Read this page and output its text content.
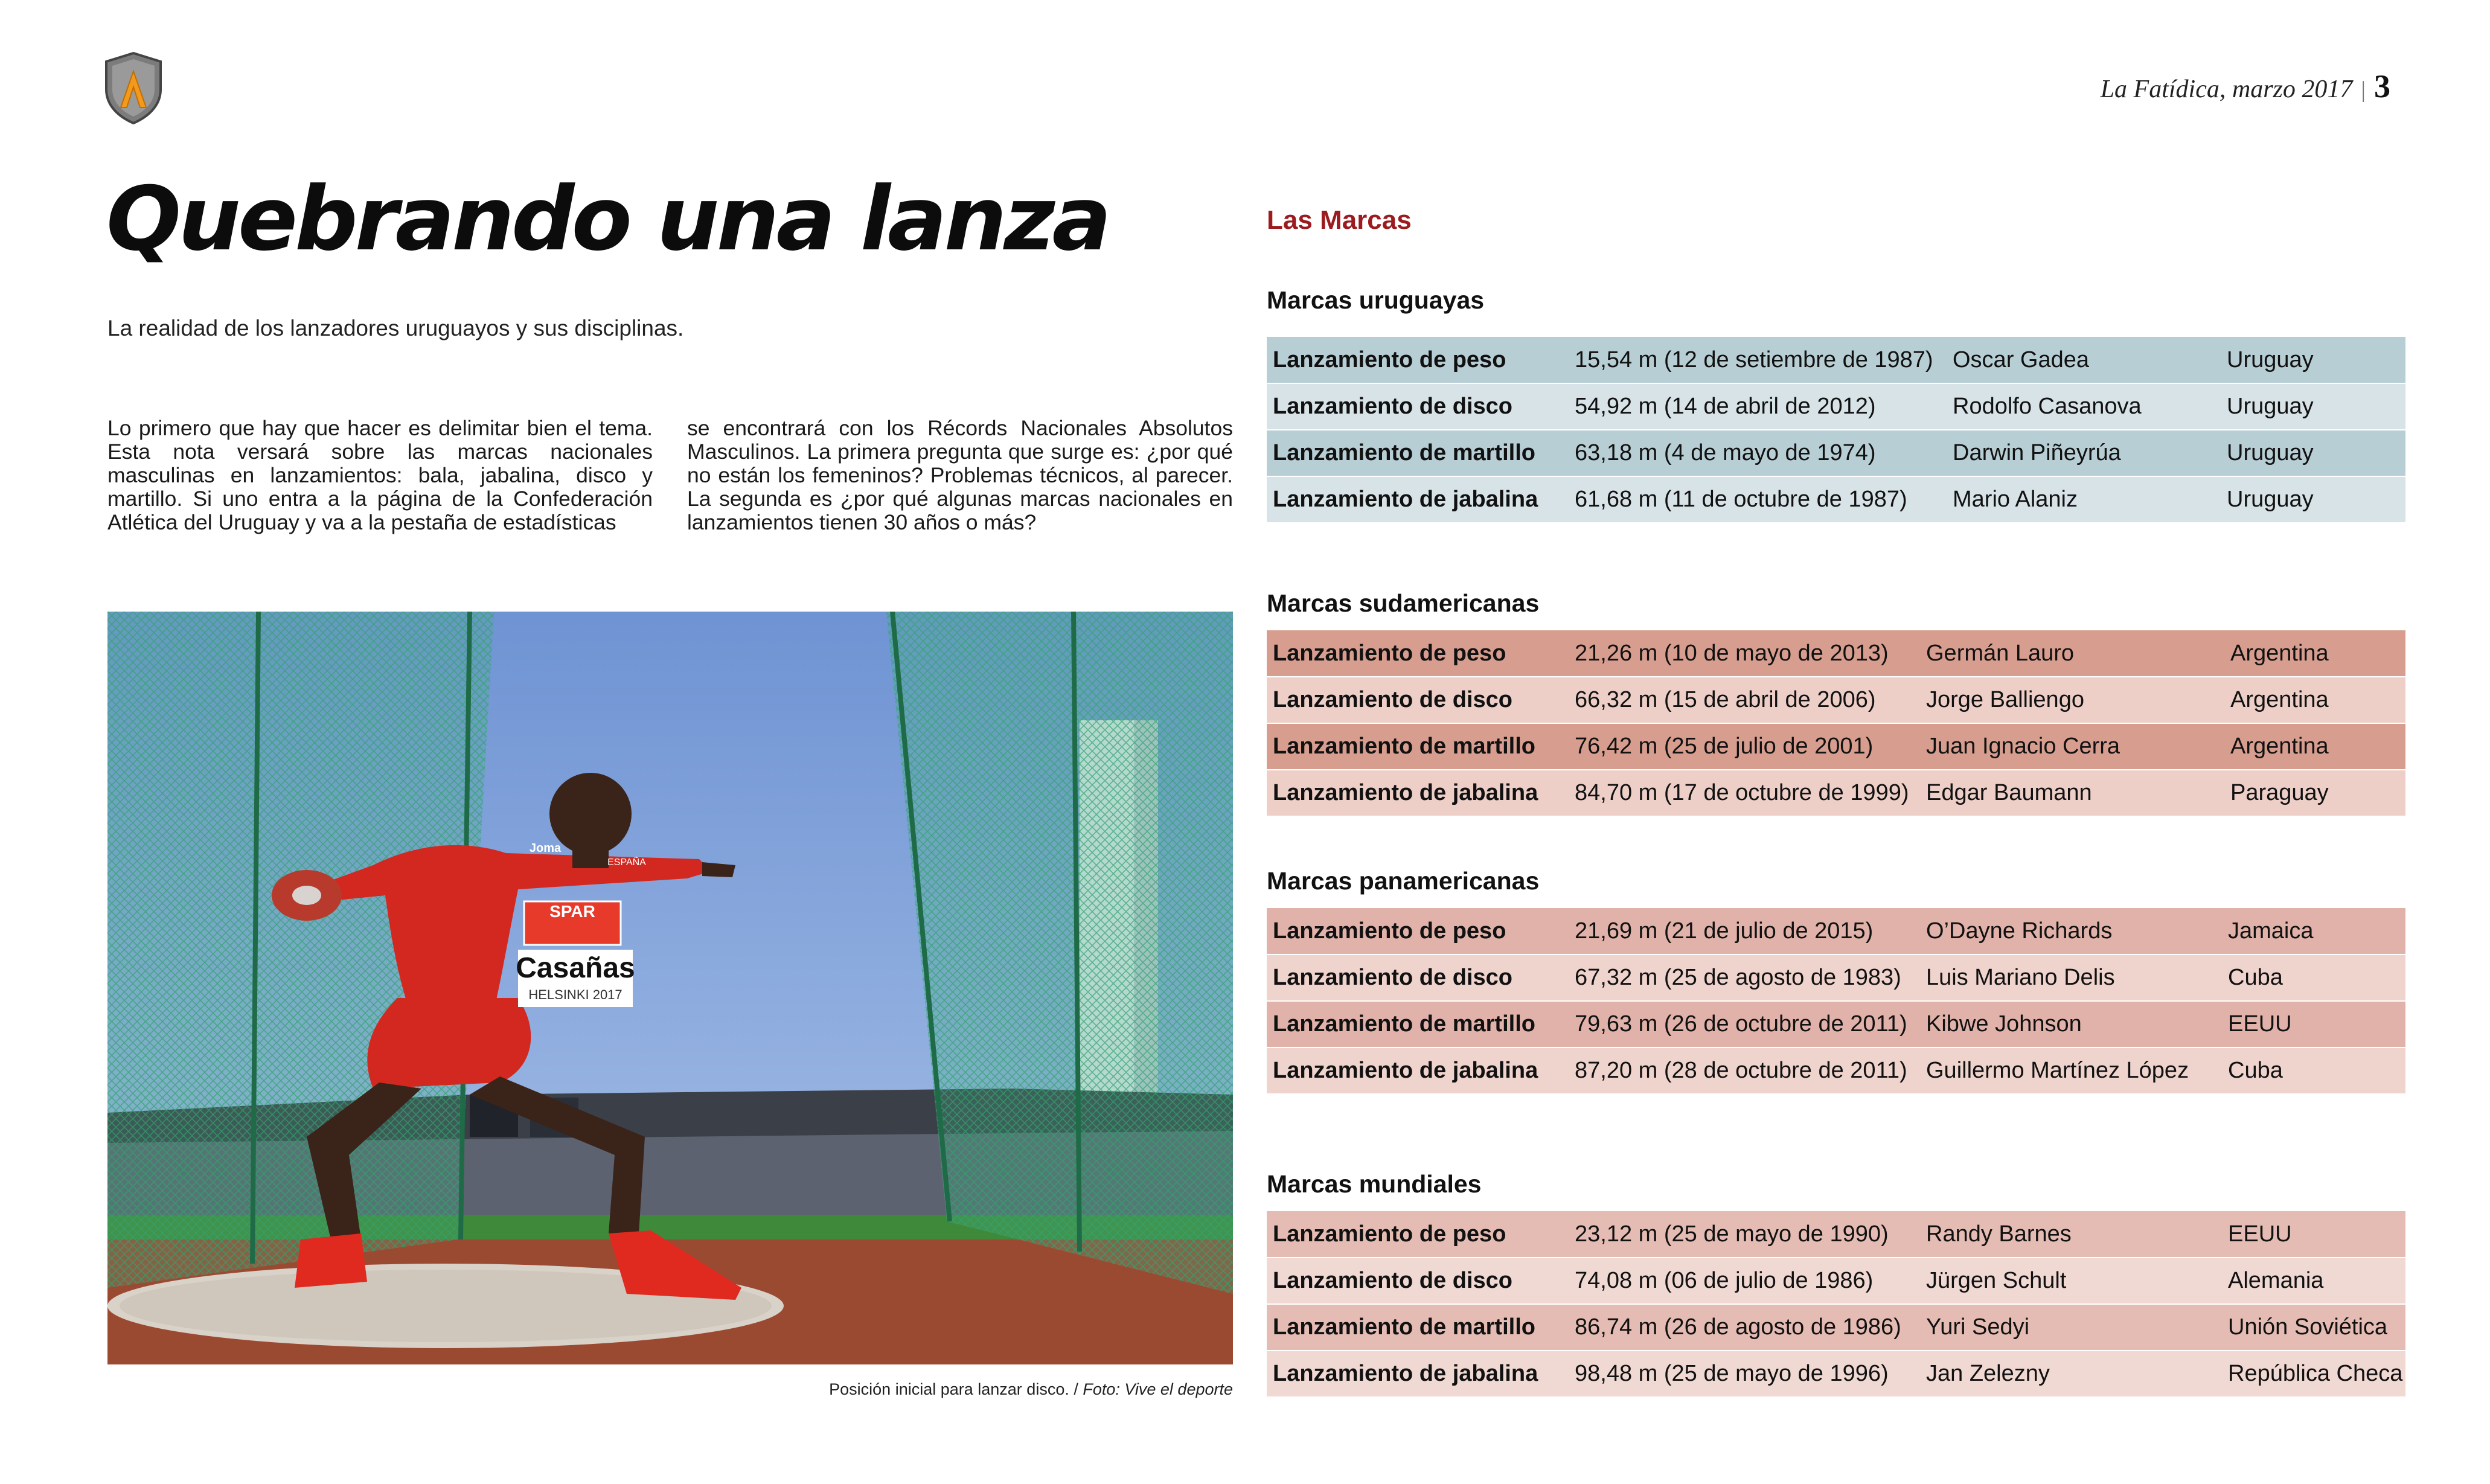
La Fatídica, marzo 2017 | 3
Quebrando una lanza

La realidad de los lanzadores uruguayos y sus disciplinas.

Lo primero que hay que hacer es delimitar bien el tema. Esta nota versará sobre las marcas nacionales masculinas en lanzamientos: bala, jabalina, disco y martillo. Si uno entra a la página de la Confederación Atlética del Uruguay y va a la pestaña de estadísticas

se encontrará con los Récords Nacionales Absolutos Masculinos. La primera pregunta que surge es: ¿por qué no están los femeninos? Problemas técnicos, al parecer. La segunda es ¿por qué algunas marcas nacionales en lanzamientos tienen 30 años o más?

SPAR
Casañas
HELSINKI 2017
Joma
ESPAÑA
Posición inicial para lanzar disco. / Foto: Vive el deporte
Las Marcas
Marcas uruguayas
Lanzamiento de peso	15,54 m (12 de setiembre de 1987)	Oscar Gadea	Uruguay
Lanzamiento de disco	54,92 m (14 de abril de 2012)	Rodolfo Casanova	Uruguay
Lanzamiento de martillo	63,18 m (4 de mayo de 1974)	Darwin Piñeyrúa	Uruguay
Lanzamiento de jabalina	61,68 m (11 de octubre de 1987)	Mario Alaniz	Uruguay
Marcas sudamericanas
Lanzamiento de peso	21,26 m (10 de mayo de 2013)	Germán Lauro	Argentina
Lanzamiento de disco	66,32 m (15 de abril de 2006)	Jorge Balliengo	Argentina
Lanzamiento de martillo	76,42 m (25 de julio de 2001)	Juan Ignacio Cerra	Argentina
Lanzamiento de jabalina	84,70 m (17 de octubre de 1999)	Edgar Baumann	Paraguay
Marcas panamericanas
Lanzamiento de peso	21,69 m (21 de julio de 2015)	O’Dayne Richards	Jamaica
Lanzamiento de disco	67,32 m (25 de agosto de 1983)	Luis Mariano Delis	Cuba
Lanzamiento de martillo	79,63 m (26 de octubre de 2011)	Kibwe Johnson	EEUU
Lanzamiento de jabalina	87,20 m (28 de octubre de 2011)	Guillermo Martínez López	Cuba
Marcas mundiales
Lanzamiento de peso	23,12 m (25 de mayo de 1990)	Randy Barnes	EEUU
Lanzamiento de disco	74,08 m (06 de julio de 1986)	Jürgen Schult	Alemania
Lanzamiento de martillo	86,74 m (26 de agosto de 1986)	Yuri Sedyi	Unión Soviética
Lanzamiento de jabalina	98,48 m (25 de mayo de 1996)	Jan Zelezny	República Checa
